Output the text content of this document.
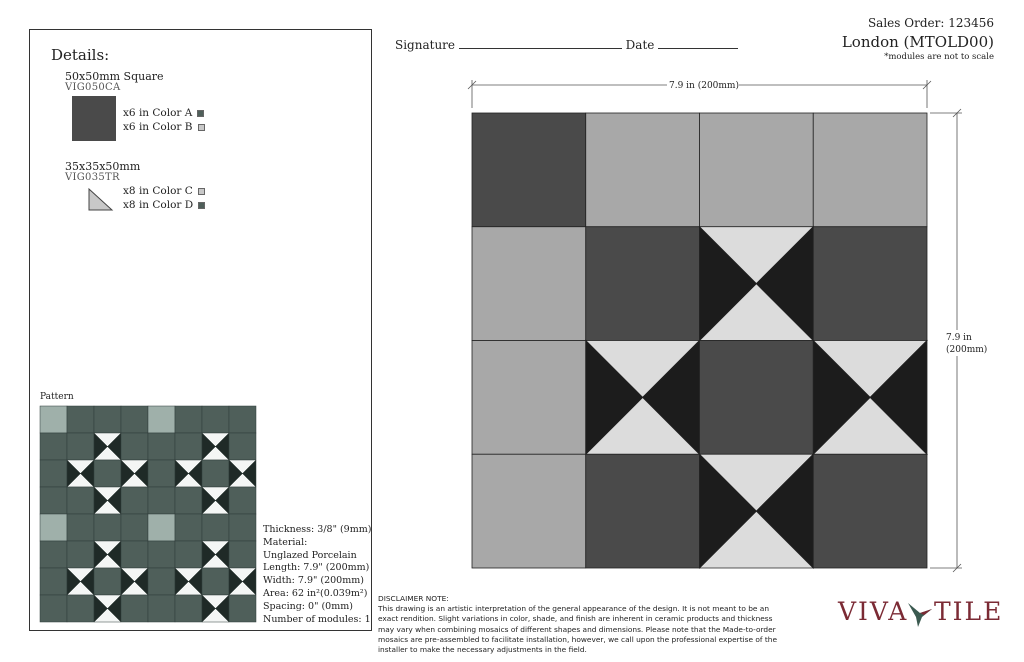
Details:
50x50mm Square
VIG050CA
x6 in Color A
x6 in Color B
35x35x50mm
VIG035TR
x8 in Color C
x8 in Color D
Pattern
Thickness: 3/8" (9mm)
Material:
Unglazed Porcelain
Length: 7.9" (200mm)
Width: 7.9" (200mm)
Area: 62 in²(0.039m²)
Spacing: 0" (0mm)
Number of modules: 1
Signature	Date
Sales Order: 123456
London (MTOLD00)
*modules are not to scale
7.9 in (200mm)
7.9 in
(200mm)
DISCLAIMER NOTE:
This drawing is an artistic interpretation of the general appearance of the design. It is not meant to be an exact rendition. Slight variations in color, shade, and finish are inherent in ceramic products and thickness may vary when combining mosaics of different shapes and dimensions. Please note that the Made-to-order mosaics are pre-assembled to facilitate installation, however, we call upon the professional expertise of the installer to make the necessary adjustments in the field.
VIVA TILE
